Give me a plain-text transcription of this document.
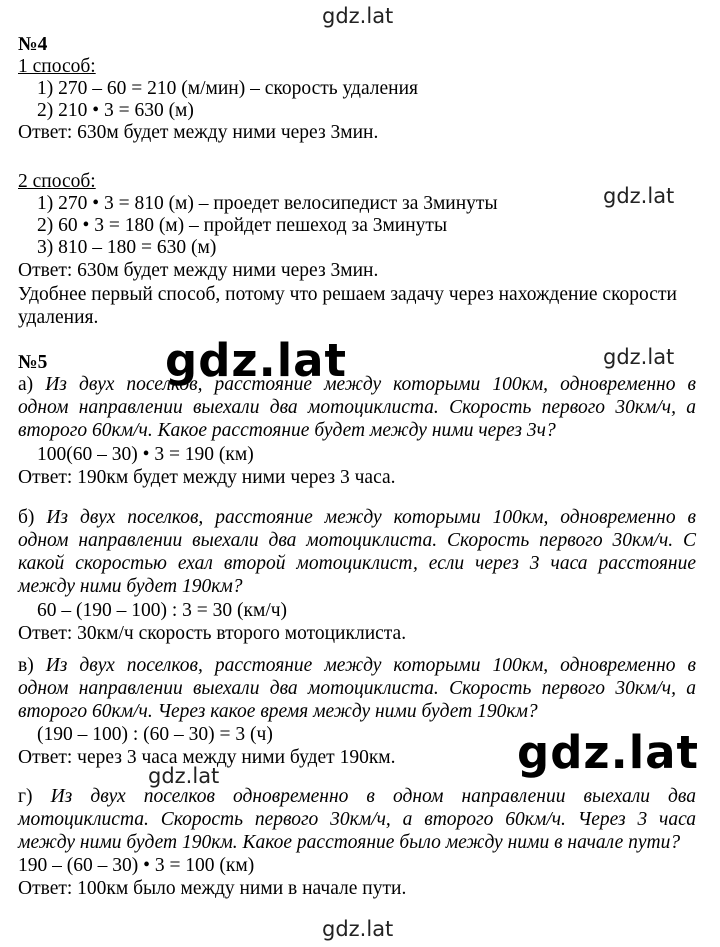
gdz.lat
gdz.lat
gdz.lat	gdz.lat
gdz.lat
gdz.lat
gdz.lat
№4
1 способ:
1) 270 – 60 = 210 (м/мин) – скорость удаления
2) 210 • 3 = 630 (м)
Ответ: 630м будет между ними через 3мин.
2 способ:
1) 270 • 3 = 810 (м) – проедет велосипедист за 3минуты
2) 60 • 3 = 180 (м) – пройдет пешеход за 3минуты
3) 810 – 180 = 630 (м)
Ответ: 630м будет между ними через 3мин.
Удобнее первый способ, потому что решаем задачу через нахождение скорости
удаления.
№5
а) Из двух поселков, расстояние между которыми 100км, одновременно в
одном направлении выехали два мотоциклиста. Скорость первого 30км/ч, а
второго 60км/ч. Какое расстояние будет между ними через 3ч?
100(60 – 30) • 3 = 190 (км)
Ответ: 190км будет между ними через 3 часа.
б) Из двух поселков, расстояние между которыми 100км, одновременно в
одном направлении выехали два мотоциклиста. Скорость первого 30км/ч. С
какой скоростью ехал второй мотоциклист, если через 3 часа расстояние
между ними будет 190км?
60 – (190 – 100) : 3 = 30 (км/ч)
Ответ: 30км/ч скорость второго мотоциклиста.
в) Из двух поселков, расстояние между которыми 100км, одновременно в
одном направлении выехали два мотоциклиста. Скорость первого 30км/ч, а
второго 60км/ч. Через какое время между ними будет 190км?
(190 – 100) : (60 – 30) = 3 (ч)
Ответ: через 3 часа между ними будет 190км.
г) Из двух поселков одновременно в одном направлении выехали два
мотоциклиста. Скорость первого 30км/ч, а второго 60км/ч. Через 3 часа
между ними будет 190км. Какое расстояние было между ними в начале пути?
190 – (60 – 30) • 3 = 100 (км)
Ответ: 100км было между ними в начале пути.
